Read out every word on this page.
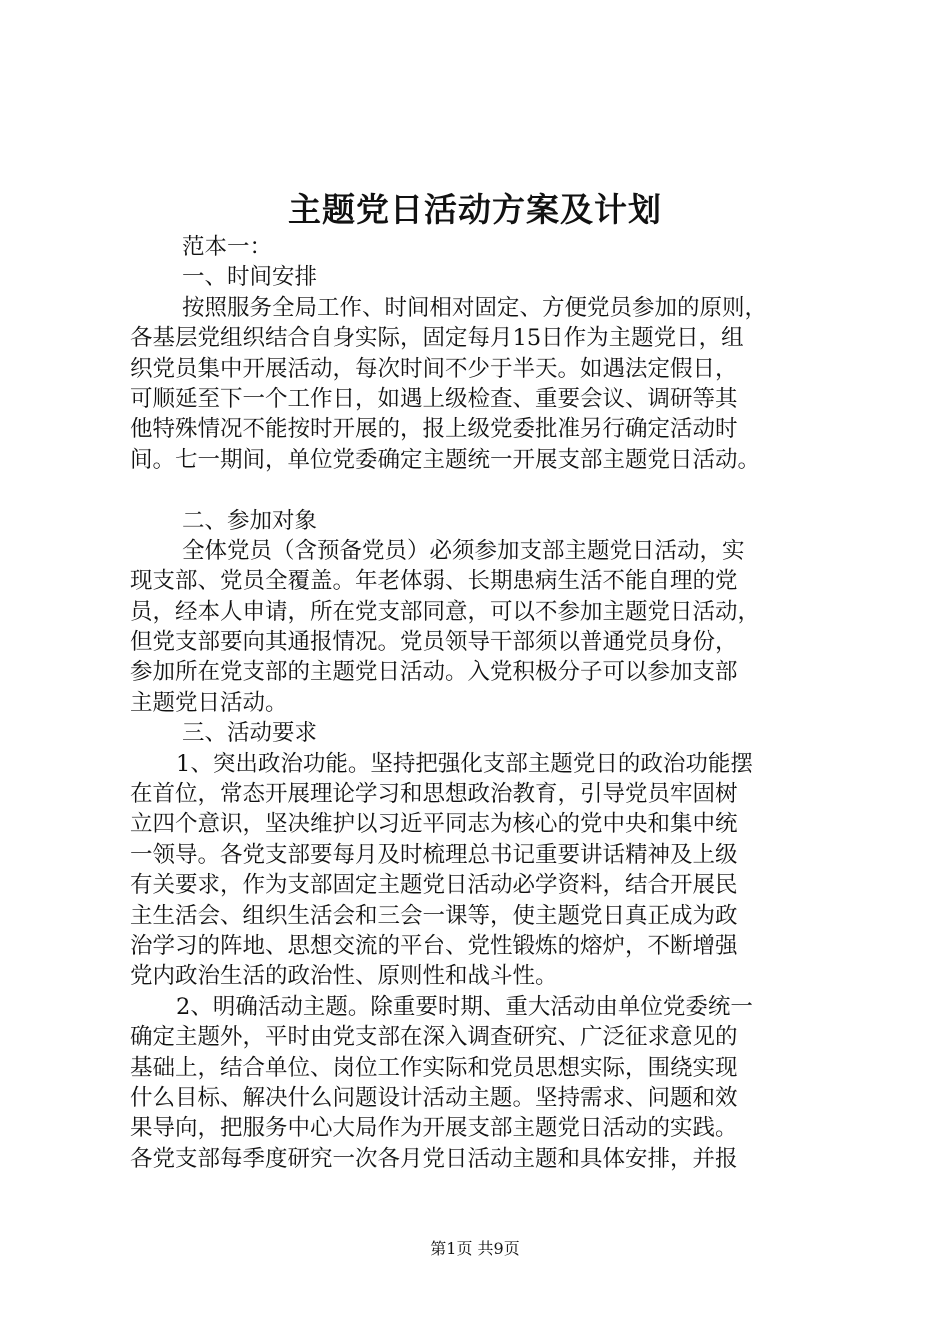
主题党日活动方案及计划
范本一：
一、时间安排
按照服务全局工作、时间相对固定、方便党员参加的原则，
各基层党组织结合自身实际，固定每月15日作为主题党日，组
织党员集中开展活动，每次时间不少于半天。如遇法定假日，
可顺延至下一个工作日，如遇上级检查、重要会议、调研等其
他特殊情况不能按时开展的，报上级党委批准另行确定活动时
间。七一期间，单位党委确定主题统一开展支部主题党日活动。
二、参加对象
全体党员（含预备党员）必须参加支部主题党日活动，实
现支部、党员全覆盖。年老体弱、长期患病生活不能自理的党
员，经本人申请，所在党支部同意，可以不参加主题党日活动，
但党支部要向其通报情况。党员领导干部须以普通党员身份，
参加所在党支部的主题党日活动。入党积极分子可以参加支部
主题党日活动。
三、活动要求
1、突出政治功能。坚持把强化支部主题党日的政治功能摆
在首位，常态开展理论学习和思想政治教育，引导党员牢固树
立四个意识，坚决维护以习近平同志为核心的党中央和集中统
一领导。各党支部要每月及时梳理总书记重要讲话精神及上级
有关要求，作为支部固定主题党日活动必学资料，结合开展民
主生活会、组织生活会和三会一课等，使主题党日真正成为政
治学习的阵地、思想交流的平台、党性锻炼的熔炉，不断增强
党内政治生活的政治性、原则性和战斗性。
2、明确活动主题。除重要时期、重大活动由单位党委统一
确定主题外，平时由党支部在深入调查研究、广泛征求意见的
基础上，结合单位、岗位工作实际和党员思想实际，围绕实现
什么目标、解决什么问题设计活动主题。坚持需求、问题和效
果导向，把服务中心大局作为开展支部主题党日活动的实践。
各党支部每季度研究一次各月党日活动主题和具体安排，并报
第1页 共9页
